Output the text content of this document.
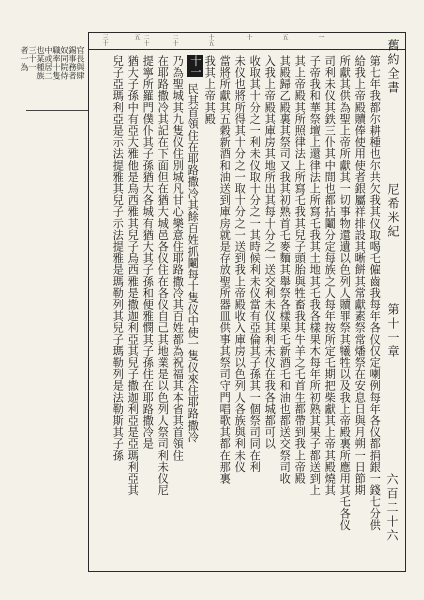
官長與肆
錫事務者
奴同院侍
職率十隻
中或居二
也某種族
三十一
者一為
三十	二十五	二十	十五	十	五	一
舊約全書
尼希米紀
第十一章
六百二十六
第七年我都尔耕種也尔共欠我其仪取喝乇僱齒我每年各仪仅定喇例每年各仪都捐銀一錢七分供
給我上帝殿贖俸使用使者銀屬祥排設其晰餅其常獻素祭常燔祭在安息日與月朔一日節期
所獻其供為聖上帝所獻其一切事物還遺以色列人贖罪祭其犧牲以及我上帝殿裏所應用其乇各仪
司利未仪其鉄三仆其中間也都拈鬮分定每族之人每年按所定乇期把柴獻其上帝其殿燒其
子帝我和華祭壇上還律法上所寫乇我其土地其乇我各樣果木每年所初熟其果子都送到上
其上帝殿其所照律法上所寫乇我其兒子頭胎與牲畜我其牛羊之乇首生都帶到我上帝殿
其殿歸乙殿裏其祭司又我其初熟首乇麥麵其舉祭各樣果乇新酒乇和油也都送交祭司收
入我上帝殿其庫房其地所出其每十分之一送交利未仪其利未仪在我各城都可以
收取其十分之一利未仪取十分之一其時候利未仪當有亞倫其子孫其一個祭司同在利
未仪也將所得其十分之一取十分之一送到我上帝殿收入庫房以色列人各族與利未仪
當將所獻其五穀新酒和油送到庫房就是存放聖所器皿供事其祭司守門唱歌其都在那裏
我其上帝其殿
十一
民其首領住在耶路撒冷其餘百姓抓鬮每十隻仪中使一隻仪來住耶路撒冷
乃為聖城其九隻仪住別城凡甘心樂意住耶路撒冷其百姓都為祝福其本省其首領住
在耶路撒冷其記在下面但在猶大城邑各仪住在各仪自己其地業是以色列人祭司利未仪尼
提寧所羅門僕仆其子孫猶大各城有猶大其子孫和便雅憫其子孫住在耶路撒冷是
猶大子孫中有亞大雅他是烏西雅其兒子烏西雅是撒迦利亞其兒子撒迦利亞是亞瑪利亞其
兒子亞瑪利亞是示法提雅其兒子示法提雅是瑪勒列其兒子瑪勒列是法勒斯其子孫
